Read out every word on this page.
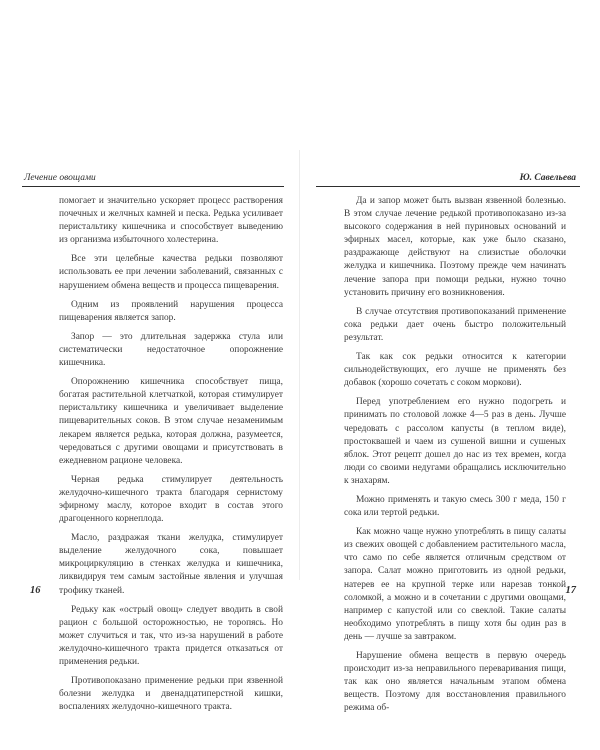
Лечение овощами

помогает и значительно ускоряет процесс растворения почечных и желчных камней и песка. Редька усиливает перистальтику кишечника и способствует выведению из организма избыточного холестерина.

Все эти целебные качества редьки позволяют использовать ее при лечении заболеваний, связанных с нарушением обмена веществ и процесса пищеварения.

Одним из проявлений нарушения процесса пищеварения является запор.

Запор — это длительная задержка стула или систематически недостаточное опорожнение кишечника.

Опорожнению кишечника способствует пища, богатая растительной клетчаткой, которая стимулирует перистальтику кишечника и увеличивает выделение пищеварительных соков. В этом случае незаменимым лекарем является редька, которая должна, разумеется, чередоваться с другими овощами и присутствовать в ежедневном рационе человека.

Черная редька стимулирует деятельность желудочно-кишечного тракта благодаря сернистому эфирному маслу, которое входит в состав этого драгоценного корнеплода.

Масло, раздражая ткани желудка, стимулирует выделение желудочного сока, повышает микроциркуляцию в стенках желудка и кишечника, ликвидируя тем самым застойные явления и улучшая трофику тканей.

Редьку как «острый овощ» следует вводить в свой рацион с большой осторожностью, не торопясь. Но может случиться и так, что из-за нарушений в работе желудочно-кишечного тракта придется отказаться от применения редьки.

Противопоказано применение редьки при язвенной болезни желудка и двенадцатиперстной кишки, воспалениях желудочно-кишечного тракта.

16
Ю. Савельева

Да и запор может быть вызван язвенной болезнью. В этом случае лечение редькой противопоказано из-за высокого содержания в ней пуриновых оснований и эфирных масел, которые, как уже было сказано, раздражающе действуют на слизистые оболочки желудка и кишечника. Поэтому прежде чем начинать лечение запора при помощи редьки, нужно точно установить причину его возникновения.

В случае отсутствия противопоказаний применение сока редьки дает очень быстро положительный результат.

Так как сок редьки относится к категории сильнодействующих, его лучше не применять без добавок (хорошо сочетать с соком моркови).

Перед употреблением его нужно подогреть и принимать по столовой ложке 4—5 раз в день. Лучше чередовать с рассолом капусты (в теплом виде), простоквашей и чаем из сушеной вишни и сушеных яблок. Этот рецепт дошел до нас из тех времен, когда люди со своими недугами обращались исключительно к знахарям.

Можно применять и такую смесь 300 г меда, 150 г сока или тертой редьки.

Как можно чаще нужно употреблять в пищу салаты из свежих овощей с добавлением растительного масла, что само по себе является отличным средством от запора. Салат можно приготовить из одной редьки, натерев ее на крупной терке или нарезав тонкой соломкой, а можно и в сочетании с другими овощами, например с капустой или со свеклой. Такие салаты необходимо употреблять в пищу хотя бы один раз в день — лучше за завтраком.

Нарушение обмена веществ в первую очередь происходит из-за неправильного переваривания пищи, так как оно является начальным этапом обмена веществ. Поэтому для восстановления правильного режима об-

17
